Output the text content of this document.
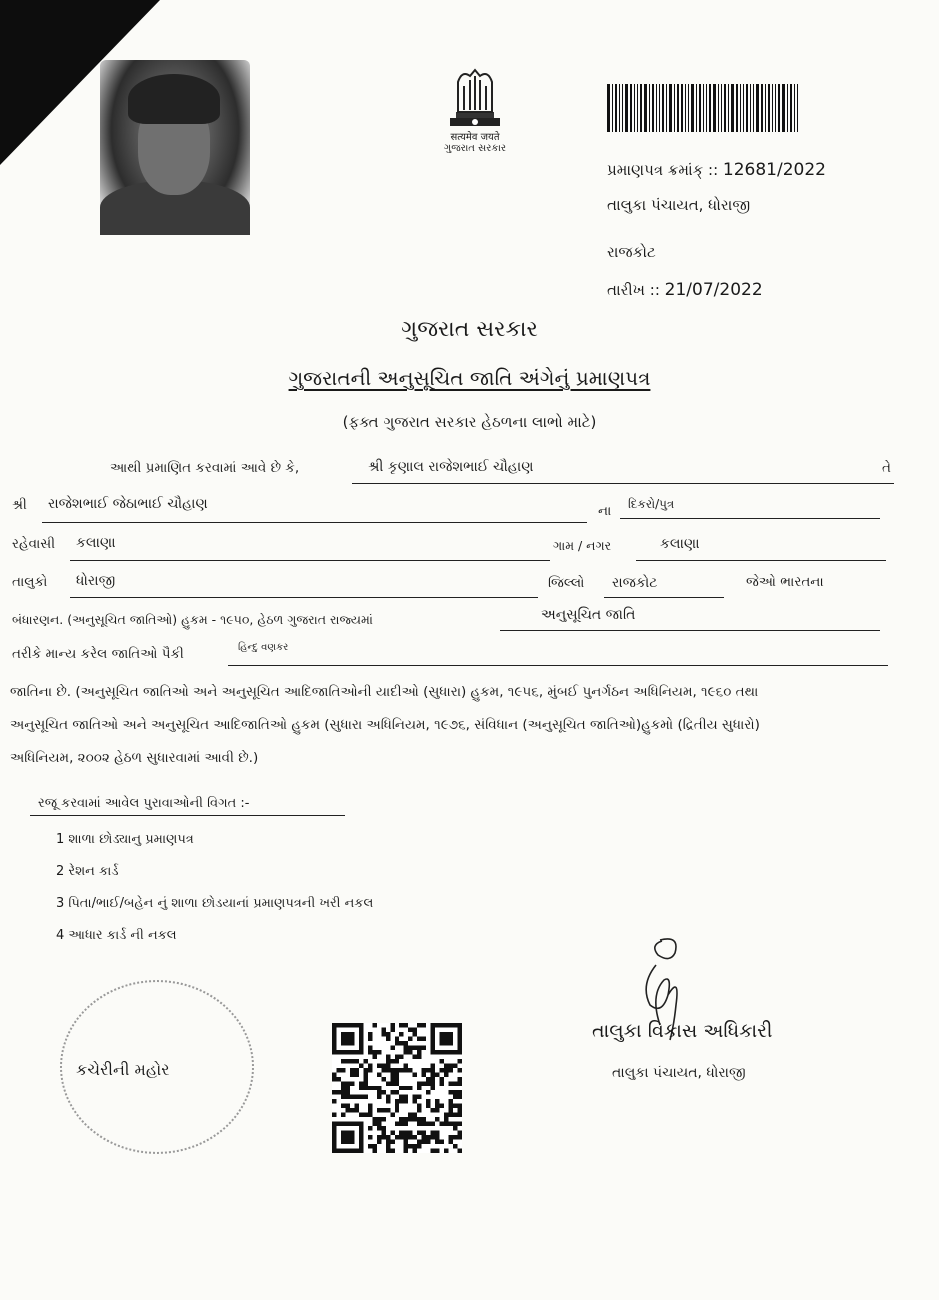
सत्यमेव जयते
ગુજરાત સરકાર
પ્રમાણપત્ર ક્રમાંક્ :: 12681/2022
તાલુકા પંચાયત, ધોરાજી
રાજકોટ
તારીખ :: 21/07/2022
ગુજરાત સરકાર
ગુજરાતની અનુસૂચિત જાતિ અંગેનું પ્રમાણપત્ર
(ફક્ત ગુજરાત સરકાર હેઠળના લાભો માટે)
આથી પ્રમાણિત કરવામાં આવે છે કે,	શ્રી કૃણાલ રાજેશભાઈ ચૌહાણ	તે
શ્રી રાજેશભાઈ જેઠાભાઈ ચૌહાણ	ના દિકરો/પુત્ર
રહેવાસી કલાણા	ગામ / નગર	કલાણા
તાલુકો ધોરાજી	જિલ્લો રાજકોટ	જેઓ ભારતના
બંધારણન. (અનુસૂચિત જાતિઓ) હુકમ - ૧૯૫૦, હેઠળ ગુજરાત રાજ્યમાં	અનુસૂચિત જાતિ
તરીકે માન્ય કરેલ જાતિઓ પૈકી	હિન્દુ વણકર
જાતિના છે. (અનુસૂચિત જાતિઓ અને અનુસૂચિત આદિજાતિઓની યાદીઓ (સુધારા) હુકમ, ૧૯૫૬, મુંબઈ પુનર્ગઠન અધિનિયમ, ૧૯૬૦ તથા
અનુસૂચિત જાતિઓ અને અનુસૂચિત આદિજાતિઓ હુકમ (સુધારા અધિનિયમ, ૧૯૭૬, સંવિધાન (અનુસૂચિત જાતિઓ)હુકમો (દ્રિતીય સુધારો)
અધિનિયમ, ૨૦૦૨ હેઠળ સુધારવામાં આવી છે.)
રજૂ કરવામાં આવેલ પુરાવાઓની વિગત :-
1 શાળા છોડ્યાનુ પ્રમાણપત્ર
2 રેશન કાર્ડ
3 પિતા/ભાઈ/બહેન નું શાળા છોડયાનાં પ્રમાણપત્રની ખરી નકલ
4 આધાર કાર્ડ ની નકલ
કચેરીની મહોર
તાલુકા વિકાસ અધિકારી
તાલુકા પંચાયત, ધોરાજી
